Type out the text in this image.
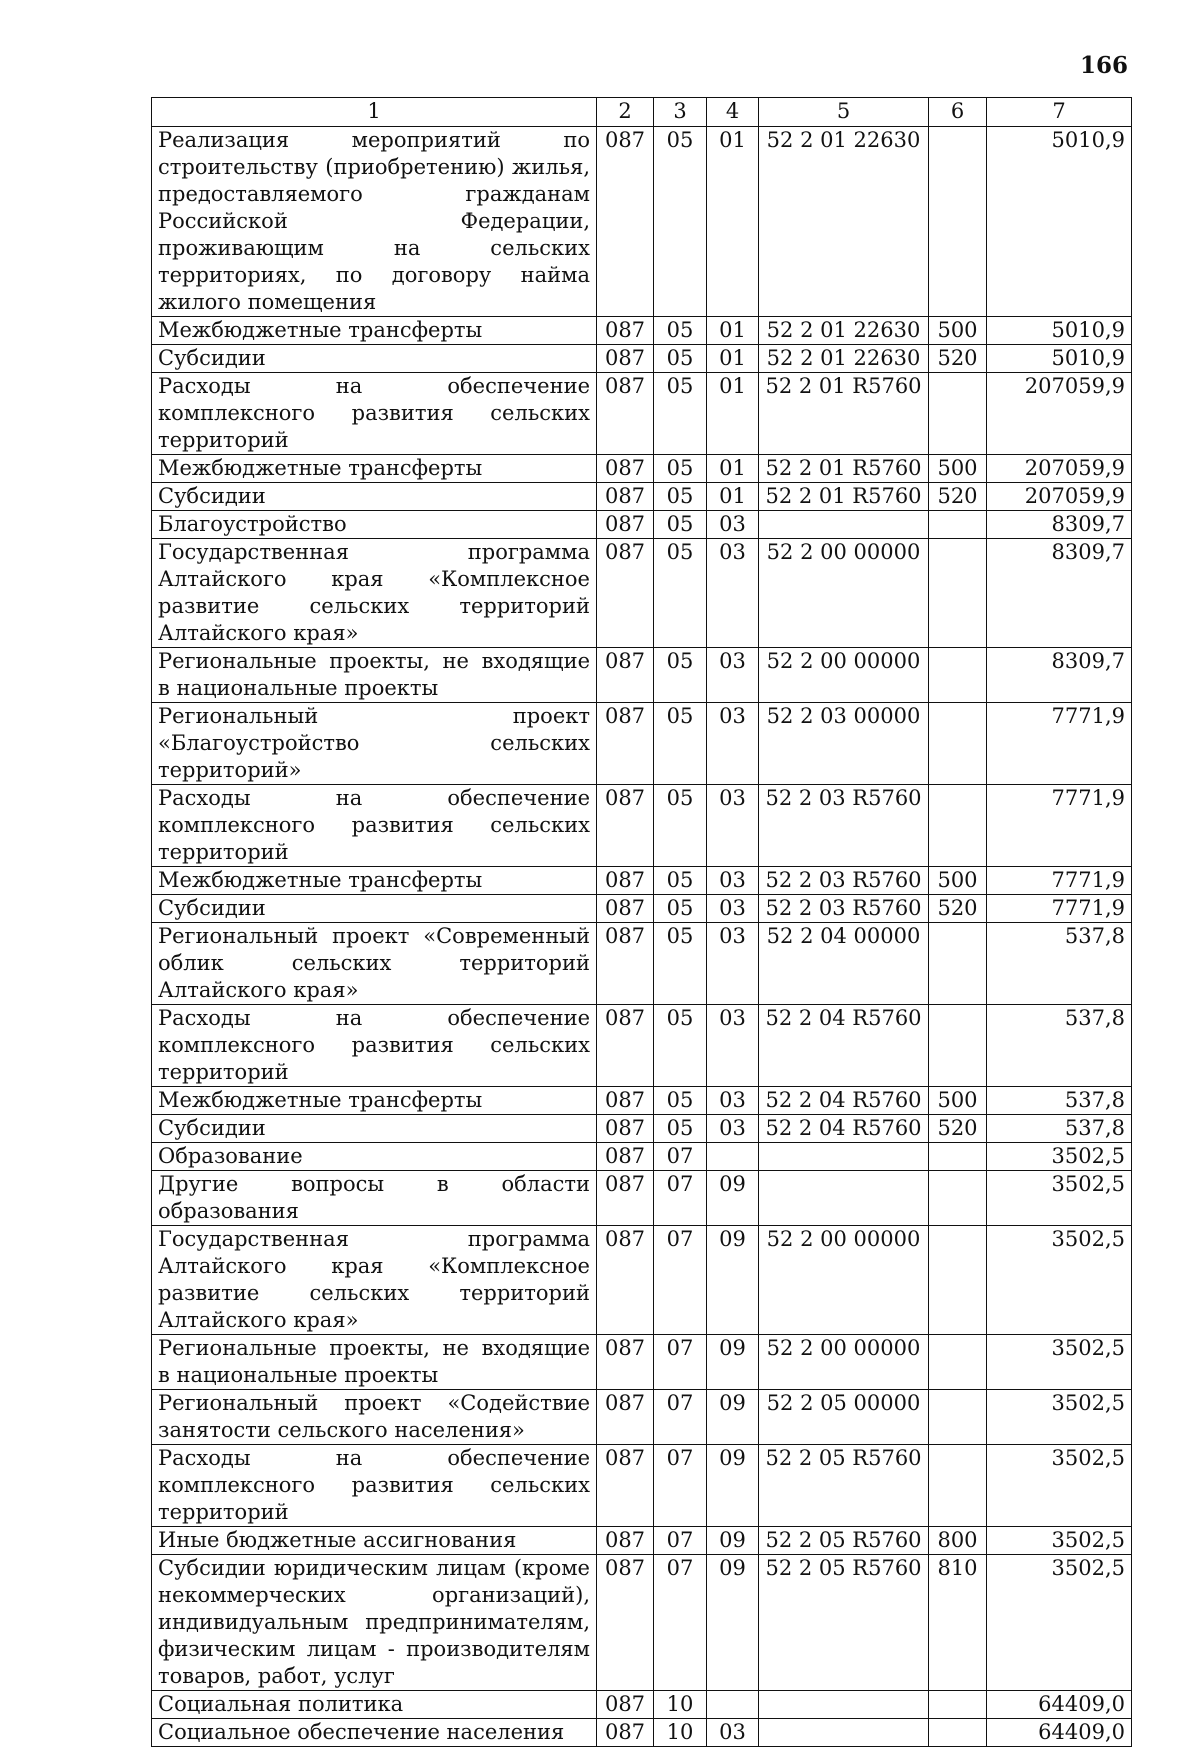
166
1	2	3	4	5	6	7
Реализация мероприятий по строительству (приобретению) жилья, предоставляемого гражданам Российской Федерации, проживающим на сельских территориях, по договору найма жилого помещения	087	05	01	52 2 01 22630		5010,9
Межбюджетные трансферты	087	05	01	52 2 01 22630	500	5010,9
Субсидии	087	05	01	52 2 01 22630	520	5010,9
Расходы на обеспечение комплексного развития сельских территорий	087	05	01	52 2 01 R5760		207059,9
Межбюджетные трансферты	087	05	01	52 2 01 R5760	500	207059,9
Субсидии	087	05	01	52 2 01 R5760	520	207059,9
Благоустройство	087	05	03			8309,7
Государственная программа Алтайского края «Комплексное развитие сельских территорий Алтайского края»	087	05	03	52 2 00 00000		8309,7
Региональные проекты, не входящие в национальные проекты	087	05	03	52 2 00 00000		8309,7
Региональный проект «Благоустройство сельских территорий»	087	05	03	52 2 03 00000		7771,9
Расходы на обеспечение комплексного развития сельских территорий	087	05	03	52 2 03 R5760		7771,9
Межбюджетные трансферты	087	05	03	52 2 03 R5760	500	7771,9
Субсидии	087	05	03	52 2 03 R5760	520	7771,9
Региональный проект «Современный облик сельских территорий Алтайского края»	087	05	03	52 2 04 00000		537,8
Расходы на обеспечение комплексного развития сельских территорий	087	05	03	52 2 04 R5760		537,8
Межбюджетные трансферты	087	05	03	52 2 04 R5760	500	537,8
Субсидии	087	05	03	52 2 04 R5760	520	537,8
Образование	087	07				3502,5
Другие вопросы в области образования	087	07	09			3502,5
Государственная программа Алтайского края «Комплексное развитие сельских территорий Алтайского края»	087	07	09	52 2 00 00000		3502,5
Региональные проекты, не входящие в национальные проекты	087	07	09	52 2 00 00000		3502,5
Региональный проект «Содействие занятости сельского населения»	087	07	09	52 2 05 00000		3502,5
Расходы на обеспечение комплексного развития сельских территорий	087	07	09	52 2 05 R5760		3502,5
Иные бюджетные ассигнования	087	07	09	52 2 05 R5760	800	3502,5
Субсидии юридическим лицам (кроме некоммерческих организаций), индивидуальным предпринимателям, физическим лицам - производителям товаров, работ, услуг	087	07	09	52 2 05 R5760	810	3502,5
Социальная политика	087	10				64409,0
Социальное обеспечение населения	087	10	03			64409,0
